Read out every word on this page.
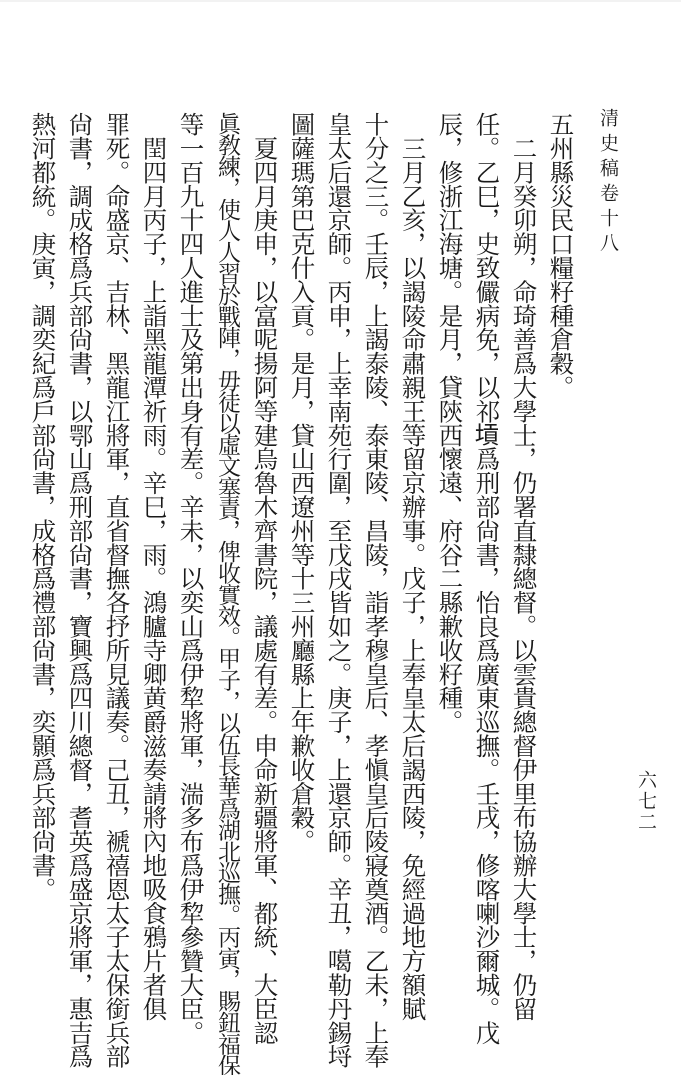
清史稿卷十八
五州縣災民口糧籽種倉穀。
　二月癸卯朔，命琦善爲大學士，仍署直隸總督。以雲貴總督伊里布協辦大學士，仍留
任。乙巳，史致儼病免，以祁𡎴爲刑部尙書，怡良爲廣東巡撫。壬戌，修喀喇沙爾城。戊
辰，修浙江海塘。是月，貸陝西懷遠、府谷二縣歉收籽種。
　三月乙亥，以謁陵命肅親王等留京辦事。戊子，上奉皇太后謁西陵，免經過地方額賦
十分之三。壬辰，上謁泰陵、泰東陵、昌陵，詣孝穆皇后、孝愼皇后陵寢奠酒。乙未，上奉
皇太后還京師。丙申，上幸南苑行圍，至戊戌皆如之。庚子，上還京師。辛丑，噶勒丹錫埒
圖薩瑪第巴克什入貢。是月，貸山西遼州等十三州廳縣上年歉收倉穀。
　夏四月庚申，以富呢揚阿等建烏魯木齊書院，議處有差。申命新疆將軍、都統、大臣認
眞敎練，使人人習於戰陣，毋徒以虛文塞責，俾收實效。甲子，以伍長華爲湖北巡撫。丙寅，賜鈕福保
等一百九十四人進士及第出身有差。辛未，以奕山爲伊犂將軍，湍多布爲伊犂參贊大臣。
　閏四月丙子，上詣黑龍潭祈雨。辛巳，雨。鴻臚寺卿黄爵滋奏請將內地吸食鴉片者俱
罪死。命盛京、吉林、黑龍江將軍，直省督撫各抒所見議奏。己丑，褫禧恩太子太保銜兵部
尙書，調成格爲兵部尙書，以鄂山爲刑部尙書，寶興爲四川總督，耆英爲盛京將軍，惠吉爲
熱河都統。庚寅，調奕紀爲戶部尙書，成格爲禮部尙書，奕顥爲兵部尙書。	六七二
